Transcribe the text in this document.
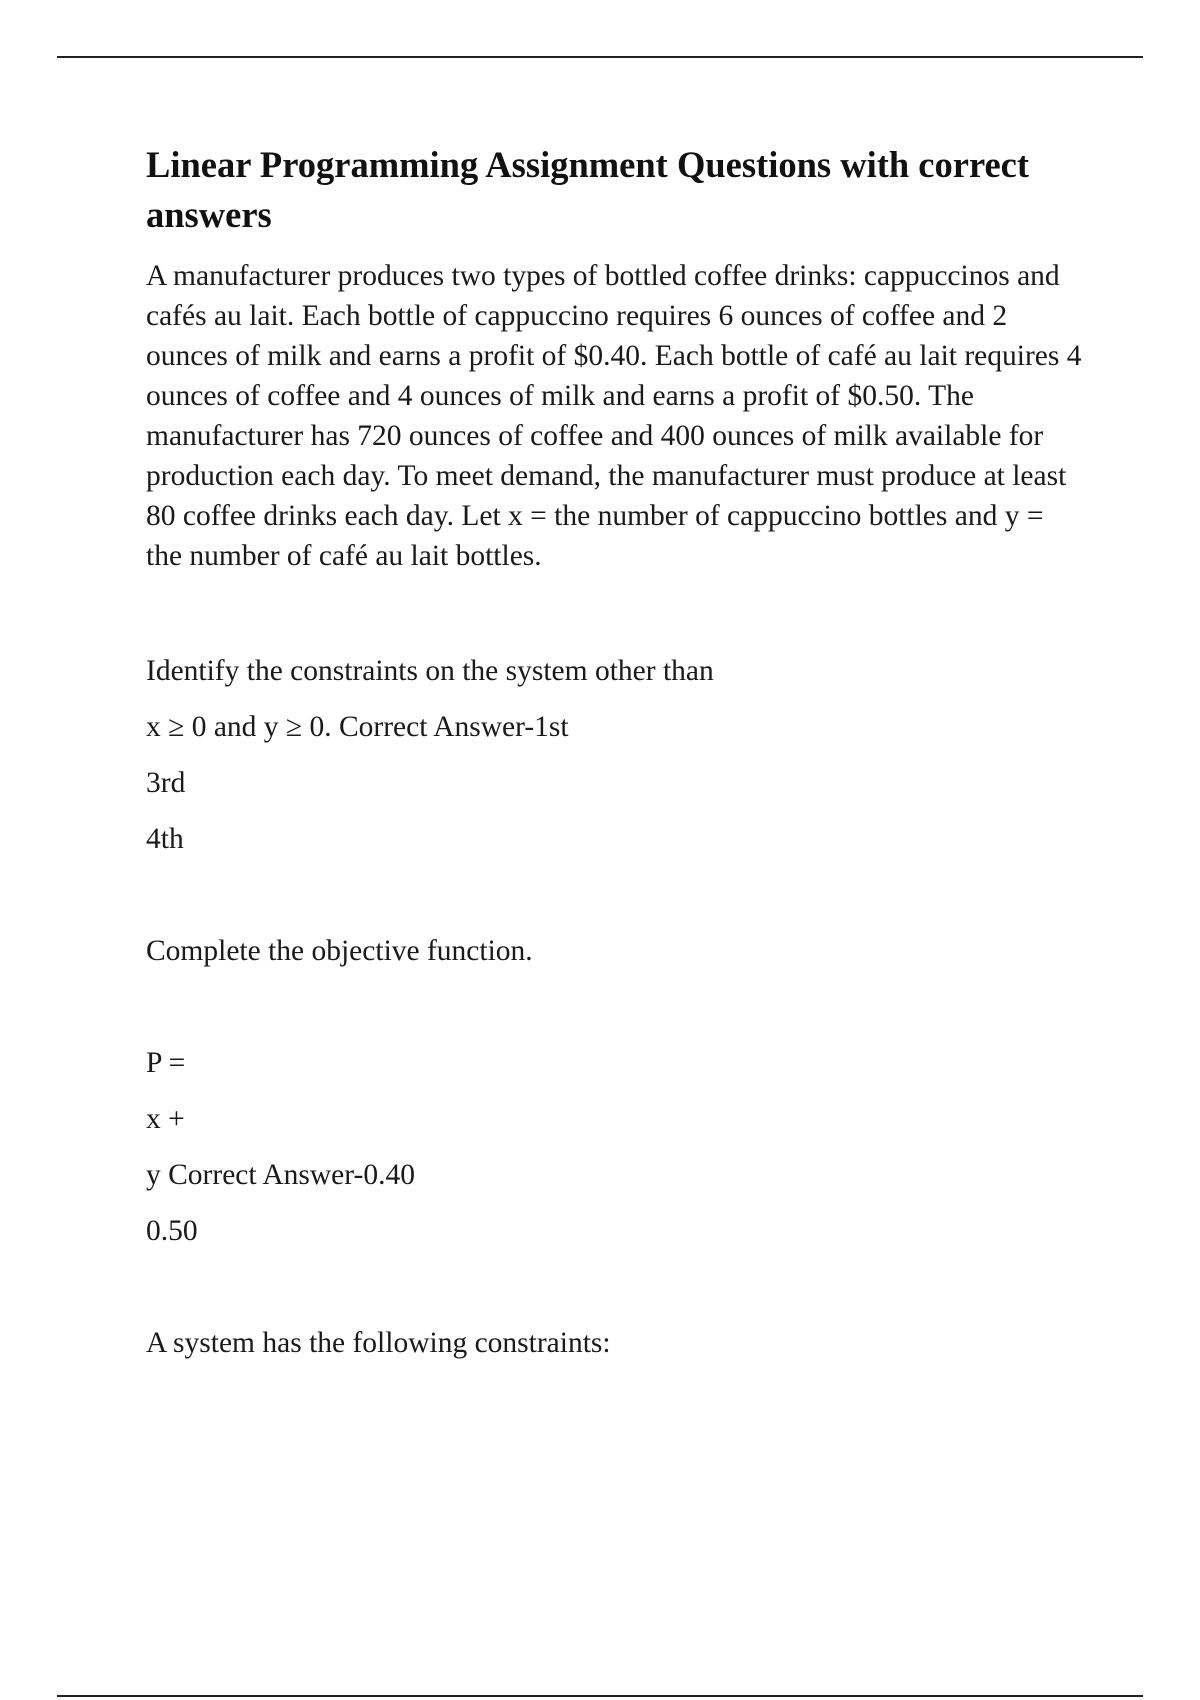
Linear Programming Assignment Questions with correct answers

A manufacturer produces two types of bottled coffee drinks: cappuccinos and cafés au lait. Each bottle of cappuccino requires 6 ounces of coffee and 2 ounces of milk and earns a profit of $0.40. Each bottle of café au lait requires 4 ounces of coffee and 4 ounces of milk and earns a profit of $0.50. The manufacturer has 720 ounces of coffee and 400 ounces of milk available for production each day. To meet demand, the manufacturer must produce at least 80 coffee drinks each day. Let x = the number of cappuccino bottles and y = the number of café au lait bottles.

Identify the constraints on the system other than

x ≥ 0 and y ≥ 0. Correct Answer-1st

3rd

4th

Complete the objective function.

P =

x +

y Correct Answer-0.40

0.50

A system has the following constraints:
